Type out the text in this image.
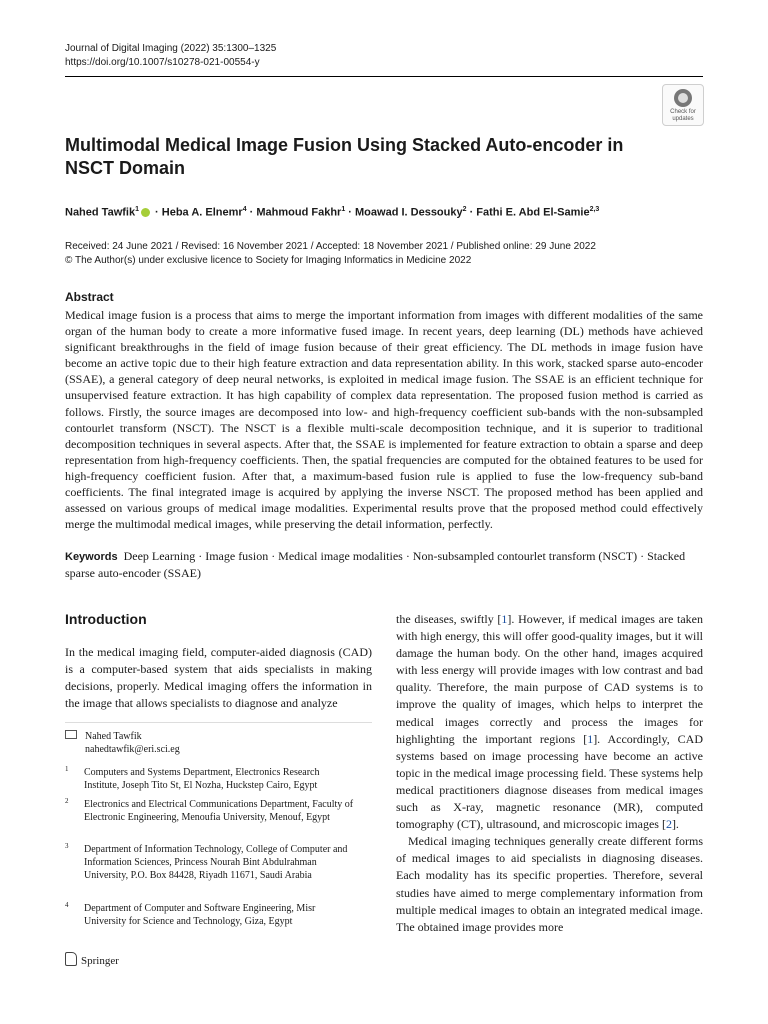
Journal of Digital Imaging (2022) 35:1300–1325
https://doi.org/10.1007/s10278-021-00554-y
Check for updates
Multimodal Medical Image Fusion Using Stacked Auto-encoder in NSCT Domain
Nahed Tawfik$^1$ · Heba A. Elnemr$^4$ · Mahmoud Fakhr$^1$ · Moawad I. Dessouky$^2$ · Fathi E. Abd El-Samie$^{2,3}$
Received: 24 June 2021 / Revised: 16 November 2021 / Accepted: 18 November 2021 / Published online: 29 June 2022
© The Author(s) under exclusive licence to Society for Imaging Informatics in Medicine 2022
Abstract
Medical image fusion is a process that aims to merge the important information from images with different modalities of the same organ of the human body to create a more informative fused image. In recent years, deep learning (DL) methods have achieved significant breakthroughs in the field of image fusion because of their great efficiency. The DL methods in image fusion have become an active topic due to their high feature extraction and data representation ability. In this work, stacked sparse auto-encoder (SSAE), a general category of deep neural networks, is exploited in medical image fusion. The SSAE is an efficient technique for unsupervised feature extraction. It has high capability of complex data representation. The proposed fusion method is carried as follows. Firstly, the source images are decomposed into low- and high-frequency coefficient sub-bands with the non-subsampled contourlet transform (NSCT). The NSCT is a flexible multi-scale decomposition technique, and it is superior to traditional decomposition techniques in several aspects. After that, the SSAE is implemented for feature extraction to obtain a sparse and deep representation from high-frequency coefficients. Then, the spatial frequencies are computed for the obtained features to be used for high-frequency coefficient fusion. After that, a maximum-based fusion rule is applied to fuse the low-frequency sub-band coefficients. The final integrated image is acquired by applying the inverse NSCT. The proposed method has been applied and assessed on various groups of medical image modalities. Experimental results prove that the proposed method could effectively merge the multimodal medical images, while preserving the detail information, perfectly.
Keywords Deep Learning · Image fusion · Medical image modalities · Non-subsampled contourlet transform (NSCT) · Stacked sparse auto-encoder (SSAE)
Introduction
In the medical imaging field, computer-aided diagnosis (CAD) is a computer-based system that aids specialists in making decisions, properly. Medical imaging offers the information in the image that allows specialists to diagnose and analyze

the diseases, swiftly [1]. However, if medical images are taken with high energy, this will offer good-quality images, but it will damage the human body. On the other hand, images acquired with less energy will provide images with low contrast and bad quality. Therefore, the main purpose of CAD systems is to improve the quality of images, which helps to interpret the medical images correctly and process the images for highlighting the important regions [1]. Accordingly, CAD systems based on image processing have become an active topic in the medical image processing field. These systems help medical practitioners diagnose diseases from medical images such as X-ray, magnetic resonance (MR), computed tomography (CT), ultrasound, and microscopic images [2].

Medical imaging techniques generally create different forms of medical images to aid specialists in diagnosing diseases. Each modality has its specific properties. Therefore, several studies have aimed to merge complementary information from multiple medical images to obtain an integrated medical image. The obtained image provides more

Nahed Tawfik
nahedtawfik@eri.sci.eg
1 Computers and Systems Department, Electronics Research Institute, Joseph Tito St, El Nozha, Huckstep Cairo, Egypt
2 Electronics and Electrical Communications Department, Faculty of Electronic Engineering, Menoufia University, Menouf, Egypt
3 Department of Information Technology, College of Computer and Information Sciences, Princess Nourah Bint Abdulrahman University, P.O. Box 84428, Riyadh 11671, Saudi Arabia
4 Department of Computer and Software Engineering, Misr University for Science and Technology, Giza, Egypt
Springer
